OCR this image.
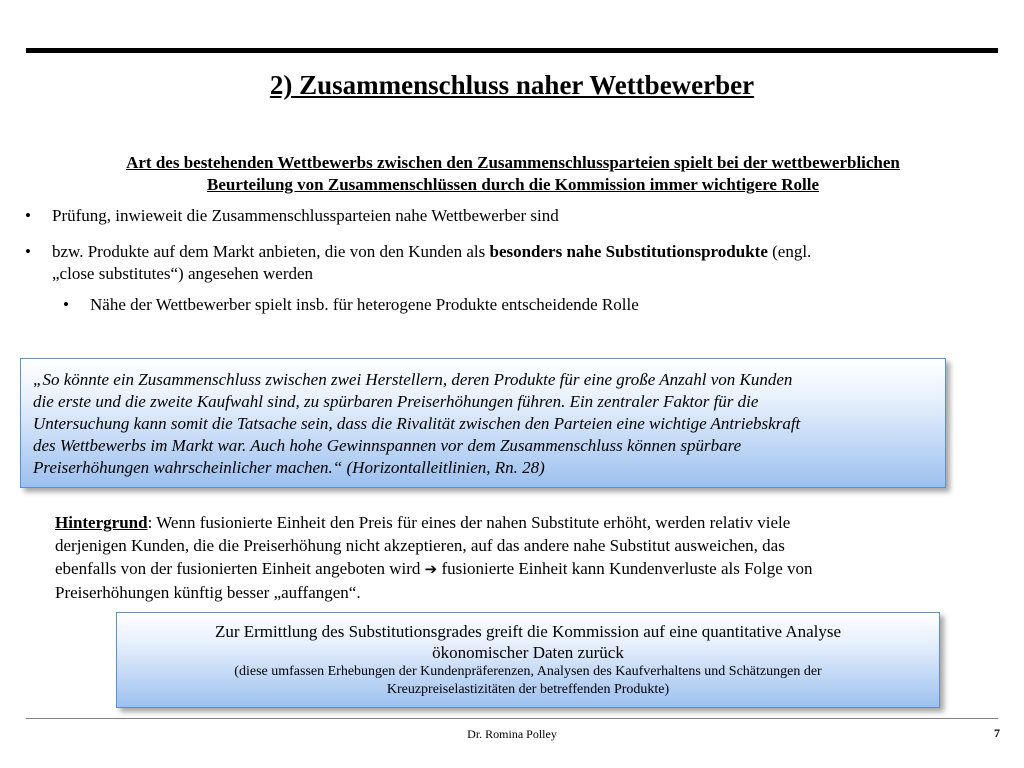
2) Zusammenschluss naher Wettbewerber
Art des bestehenden Wettbewerbs zwischen den Zusammenschlussparteien spielt bei der wettbewerblichen
Beurteilung von Zusammenschlüssen durch die Kommission immer wichtigere Rolle
• Prüfung, inwieweit die Zusammenschlussparteien nahe Wettbewerber sind
• bzw. Produkte auf dem Markt anbieten, die von den Kunden als besonders nahe Substitutionsprodukte (engl.
„close substitutes“) angesehen werden
• Nähe der Wettbewerber spielt insb. für heterogene Produkte entscheidende Rolle
„So könnte ein Zusammenschluss zwischen zwei Herstellern, deren Produkte für eine große Anzahl von Kunden
die erste und die zweite Kaufwahl sind, zu spürbaren Preiserhöhungen führen. Ein zentraler Faktor für die
Untersuchung kann somit die Tatsache sein, dass die Rivalität zwischen den Parteien eine wichtige Antriebskraft
des Wettbewerbs im Markt war. Auch hohe Gewinnspannen vor dem Zusammenschluss können spürbare
Preiserhöhungen wahrscheinlicher machen.“ (Horizontalleitlinien, Rn. 28)
Hintergrund: Wenn fusionierte Einheit den Preis für eines der nahen Substitute erhöht, werden relativ viele
derjenigen Kunden, die die Preiserhöhung nicht akzeptieren, auf das andere nahe Substitut ausweichen, das
ebenfalls von der fusionierten Einheit angeboten wird ➔ fusionierte Einheit kann Kundenverluste als Folge von
Preiserhöhungen künftig besser „auffangen“.
Zur Ermittlung des Substitutionsgrades greift die Kommission auf eine quantitative Analyse
ökonomischer Daten zurück
(diese umfassen Erhebungen der Kundenpräferenzen, Analysen des Kaufverhaltens und Schätzungen der
Kreuzpreiselastizitäten der betreffenden Produkte)
Dr. Romina Polley	7
